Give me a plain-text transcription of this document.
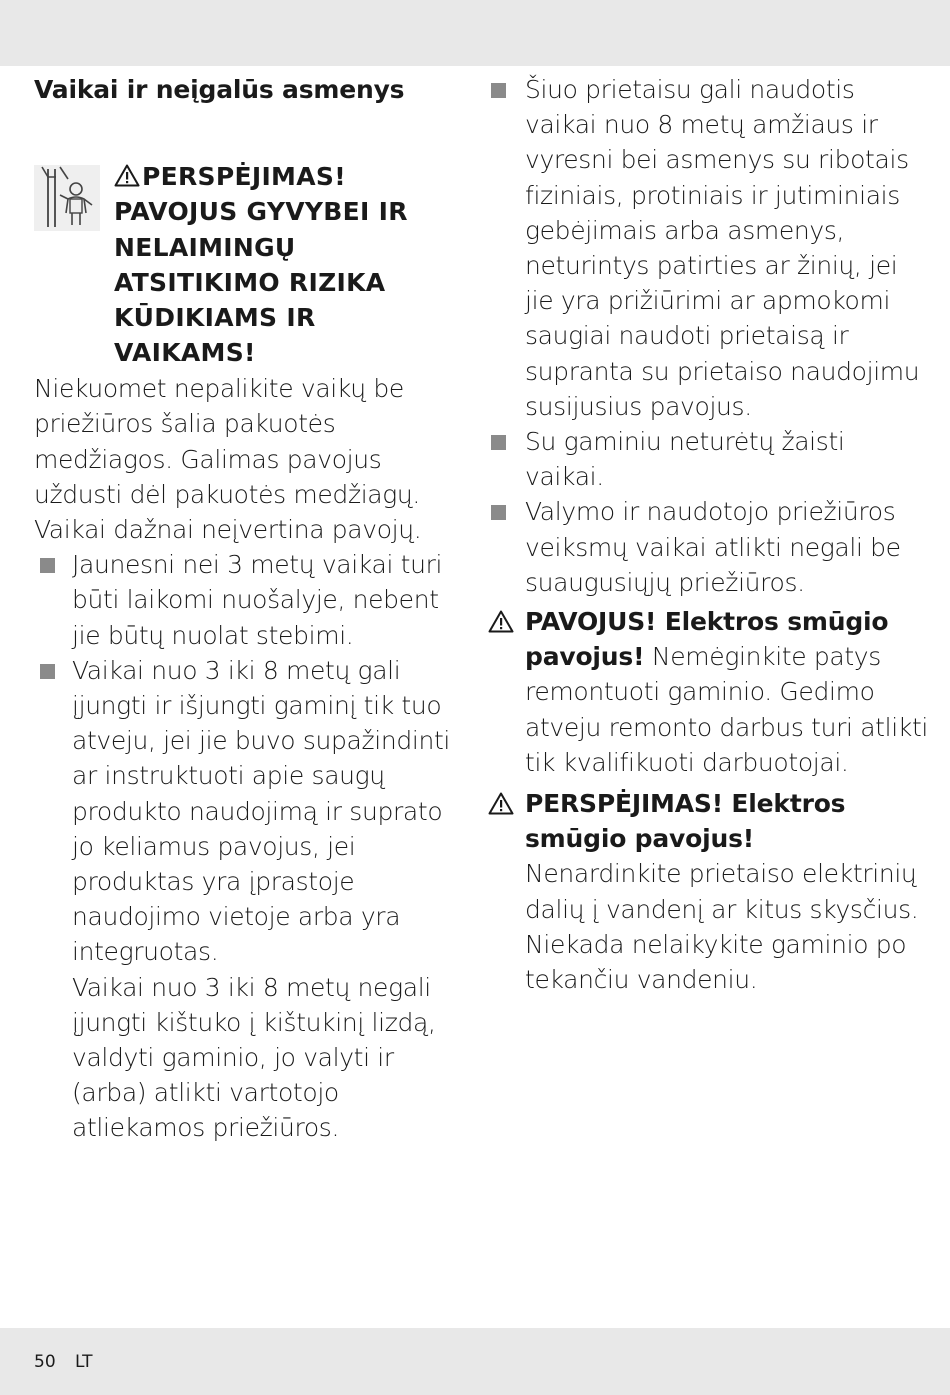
Vaikai ir neįgalūs asmenys
PERSPĖJIMAS! PAVOJUS GYVYBEI IR NELAIMINGŲ ATSITIKIMO RIZIKA KŪDIKIAMS IR VAIKAMS!
Niekuomet nepalikite vaikų be priežiūros šalia pakuotės medžiagos. Galimas pavojus uždusti dėl pakuotės medžiagų. Vaikai dažnai neįvertina pavojų.
Jaunesni nei 3 metų vaikai turi būti laikomi nuošalyje, nebent jie būtų nuolat stebimi.
Vaikai nuo 3 iki 8 metų gali įjungti ir išjungti gaminį tik tuo atveju, jei jie buvo supažindinti ar instruktuoti apie saugų produkto naudojimą ir suprato jo keliamus pavojus, jei produktas yra įprastoje naudojimo vietoje arba yra integruotas.
Vaikai nuo 3 iki 8 metų negali įjungti kištuko į kištukinį lizdą, valdyti gaminio, jo valyti ir (arba) atlikti vartotojo atliekamos priežiūros.
Šiuo prietaisu gali naudotis vaikai nuo 8 metų amžiaus ir vyresni bei asmenys su ribotais fiziniais, protiniais ir jutiminiais gebėjimais arba asmenys, neturintys patirties ar žinių, jei jie yra prižiūrimi ar apmokomi saugiai naudoti prietaisą ir supranta su prietaiso naudojimu susijusius pavojus.
Su gaminiu neturėtų žaisti vaikai.
Valymo ir naudotojo priežiūros veiksmų vaikai atlikti negali be suaugusiųjų priežiūros.
PAVOJUS! Elektros smūgio pavojus! Nemėginkite patys remontuoti gaminio. Gedimo atveju remonto darbus turi atlikti tik kvalifikuoti darbuotojai.
PERSPĖJIMAS! Elektros smūgio pavojus!
Nenardinkite prietaiso elektrinių dalių į vandenį ar kitus skysčius. Niekada nelaikykite gaminio po tekančiu vandeniu.
50 LT
